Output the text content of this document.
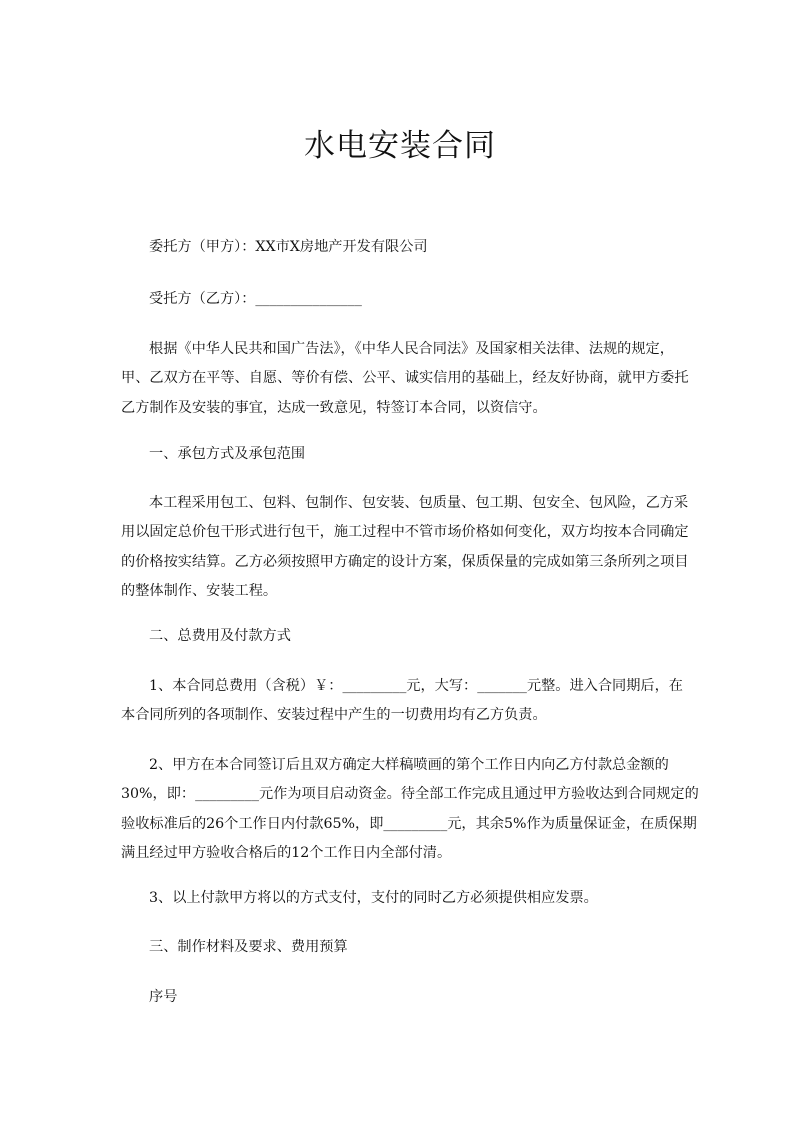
水电安装合同

委托方（甲方）：XX市X房地产开发有限公司

受托方（乙方）：_______________

根据《中华人民共和国广告法》，《中华人民合同法》及国家相关法律、法规的规定，
甲、乙双方在平等、自愿、等价有偿、公平、诚实信用的基础上，经友好协商，就甲方委托
乙方制作及安装的事宜，达成一致意见，特签订本合同，以资信守。

一、承包方式及承包范围

本工程采用包工、包料、包制作、包安装、包质量、包工期、包安全、包风险，乙方采
用以固定总价包干形式进行包干，施工过程中不管市场价格如何变化，双方均按本合同确定
的价格按实结算。乙方必须按照甲方确定的设计方案，保质保量的完成如第三条所列之项目
的整体制作、安装工程。

二、总费用及付款方式

1、本合同总费用（含税）￥：_________元，大写：_______元整。进入合同期后，在
本合同所列的各项制作、安装过程中产生的一切费用均有乙方负责。
2、甲方在本合同签订后且双方确定大样稿喷画的第个工作日内向乙方付款总金额的
30%，即：_________元作为项目启动资金。待全部工作完成且通过甲方验收达到合同规定的
验收标准后的26个工作日内付款65%，即_________元，其余5%作为质量保证金，在质保期
满且经过甲方验收合格后的12个工作日内全部付清。

3、以上付款甲方将以的方式支付，支付的同时乙方必须提供相应发票。

三、制作材料及要求、费用预算

序号
